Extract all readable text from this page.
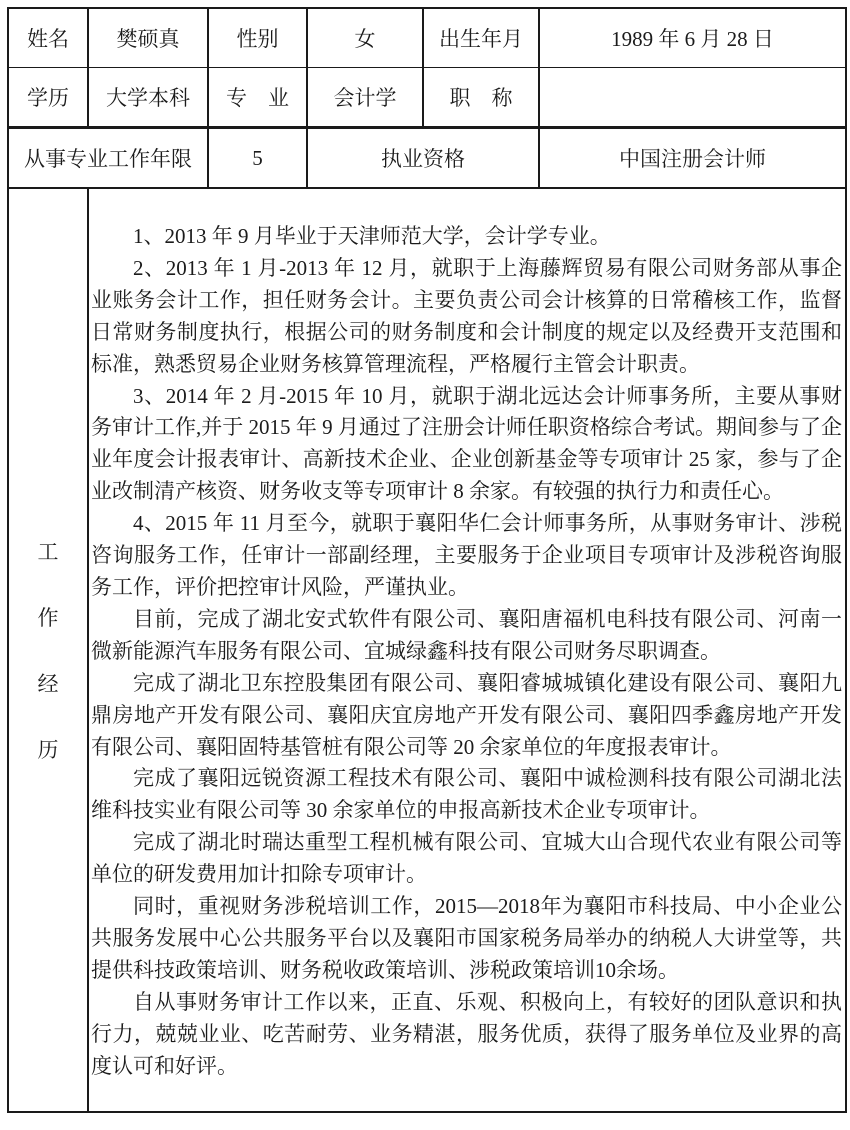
姓名	樊硕真	性别	女	出生年月	1989 年 6 月 28 日
学历	大学本科	专　业	会计学	职　称	
从事专业工作年限		5	执业资格		中国注册会计师

工
作
经
历

1、2013 年 9 月毕业于天津师范大学，会计学专业。

2、2013 年 1 月-2013 年 12 月，就职于上海藤辉贸易有限公司财务部从事企业账务会计工作，担任财务会计。主要负责公司会计核算的日常稽核工作，监督日常财务制度执行，根据公司的财务制度和会计制度的规定以及经费开支范围和标准，熟悉贸易企业财务核算管理流程，严格履行主管会计职责。

3、2014 年 2 月-2015 年 10 月，就职于湖北远达会计师事务所，主要从事财务审计工作,并于 2015 年 9 月通过了注册会计师任职资格综合考试。期间参与了企业年度会计报表审计、高新技术企业、企业创新基金等专项审计 25 家，参与了企业改制清产核资、财务收支等专项审计 8 余家。有较强的执行力和责任心。

4、2015 年 11 月至今，就职于襄阳华仁会计师事务所，从事财务审计、涉税咨询服务工作，任审计一部副经理，主要服务于企业项目专项审计及涉税咨询服务工作，评价把控审计风险，严谨执业。

目前，完成了湖北安式软件有限公司、襄阳唐福机电科技有限公司、河南一微新能源汽车服务有限公司、宜城绿鑫科技有限公司财务尽职调查。

完成了湖北卫东控股集团有限公司、襄阳睿城城镇化建设有限公司、襄阳九鼎房地产开发有限公司、襄阳庆宜房地产开发有限公司、襄阳四季鑫房地产开发有限公司、襄阳固特基管桩有限公司等 20 余家单位的年度报表审计。

完成了襄阳远锐资源工程技术有限公司、襄阳中诚检测科技有限公司湖北法维科技实业有限公司等 30 余家单位的申报高新技术企业专项审计。

完成了湖北时瑞达重型工程机械有限公司、宜城大山合现代农业有限公司等单位的研发费用加计扣除专项审计。

同时，重视财务涉税培训工作，2015—2018年为襄阳市科技局、中小企业公共服务发展中心公共服务平台以及襄阳市国家税务局举办的纳税人大讲堂等，共提供科技政策培训、财务税收政策培训、涉税政策培训10余场。

自从事财务审计工作以来，正直、乐观、积极向上，有较好的团队意识和执行力，兢兢业业、吃苦耐劳、业务精湛，服务优质，获得了服务单位及业界的高度认可和好评。
